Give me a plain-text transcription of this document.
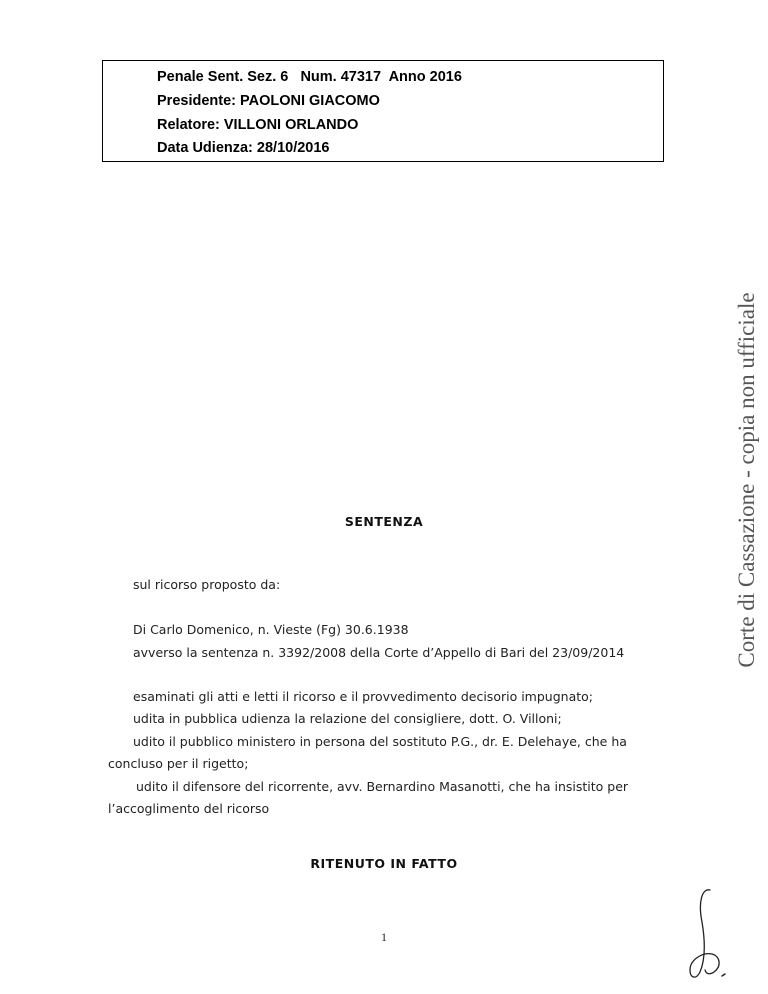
Penale Sent. Sez. 6   Num. 47317  Anno 2016
Presidente: PAOLONI GIACOMO
Relatore: VILLONI ORLANDO
Data Udienza: 28/10/2016
Corte di Cassazione - copia non ufficiale
SENTENZA
sul ricorso proposto da:
Di Carlo Domenico, n. Vieste (Fg) 30.6.1938
avverso la sentenza n. 3392/2008 della Corte d’Appello di Bari del 23/09/2014
esaminati gli atti e letti il ricorso e il provvedimento decisorio impugnato;
udita in pubblica udienza la relazione del consigliere, dott. O. Villoni;
udito il pubblico ministero in persona del sostituto P.G., dr. E. Delehaye, che ha
concluso per il rigetto;
udito il difensore del ricorrente, avv. Bernardino Masanotti, che ha insistito per
l’accoglimento del ricorso
RITENUTO IN FATTO
1
